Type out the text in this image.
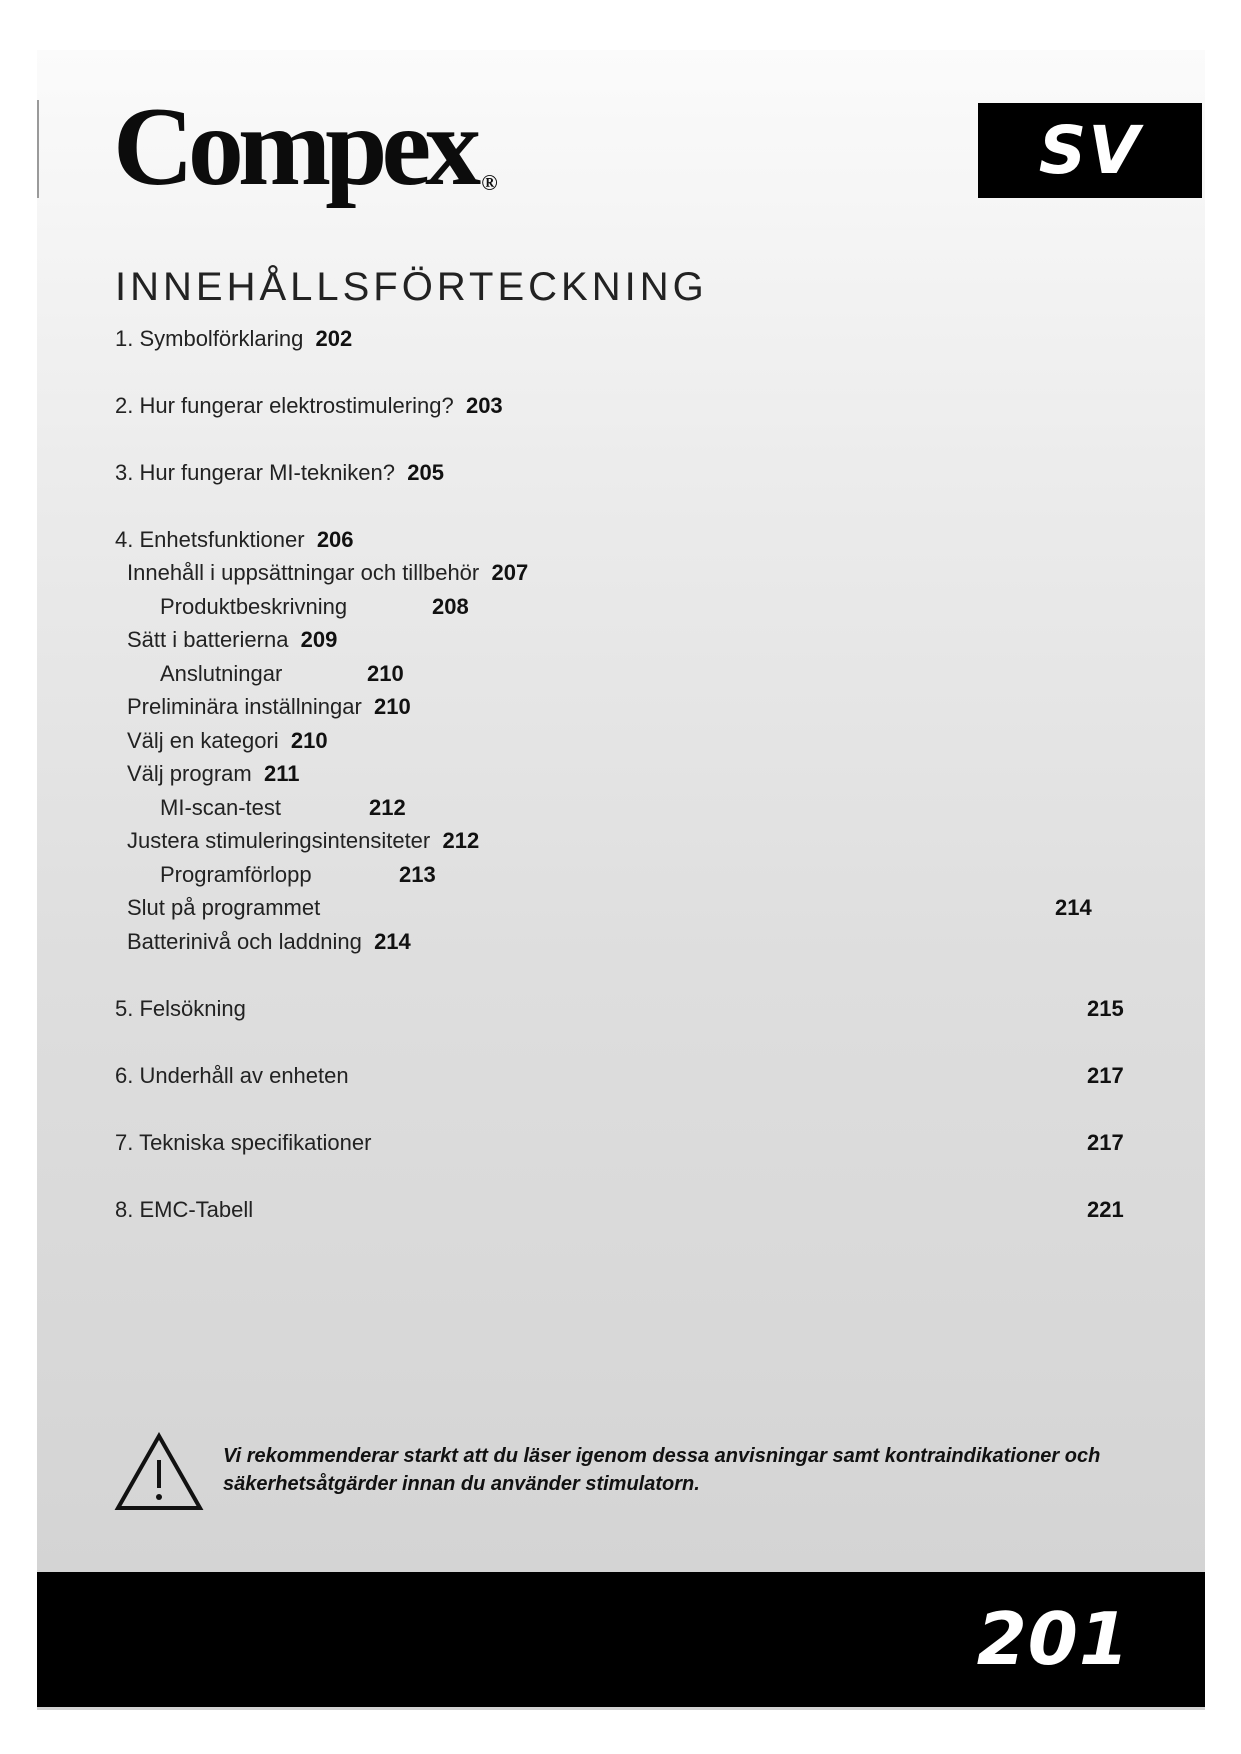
Compex ®	SV
INNEHÅLLSFÖRTECKNING
1. Symbolförklaring 202
2. Hur fungerar elektrostimulering? 203
3. Hur fungerar MI-tekniken? 205
4. Enhetsfunktioner 206
Innehåll i uppsättningar och tillbehör 207
Produktbeskrivning	208
Sätt i batterierna 209
Anslutningar	210
Preliminära inställningar 210
Välj en kategori 210
Välj program 211
MI-scan-test	212
Justera stimuleringsintensiteter 212
Programförlopp	213
Slut på programmet	214
Batterinivå och laddning 214
5. Felsökning	215
6. Underhåll av enheten	217
7. Tekniska specifikationer	217
8. EMC-Tabell	221
Vi rekommenderar starkt att du läser igenom dessa anvisningar samt kontraindikationer och
säkerhetsåtgärder innan du använder stimulatorn.
201
